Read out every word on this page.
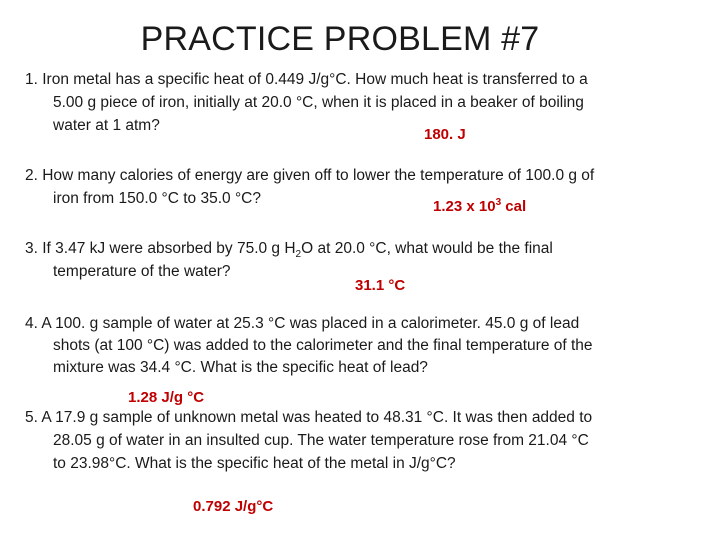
PRACTICE PROBLEM #7
1. Iron metal has a specific heat of 0.449 J/g°C. How much heat is transferred to a
5.00 g piece of iron, initially at 20.0 °C, when it is placed in a beaker of boiling
water at 1 atm?
180. J
2. How many calories of energy are given off to lower the temperature of 100.0 g of
iron from 150.0 °C to 35.0 °C?	1.23 x $10^3$ cal
3. If 3.47 kJ were absorbed by 75.0 g $H_2O$ at 20.0 °C, what would be the final
temperature of the water?
31.1 °C
4. A 100. g sample of water at 25.3 °C was placed in a calorimeter. 45.0 g of lead
shots (at 100 °C) was added to the calorimeter and the final temperature of the
mixture was 34.4 °C. What is the specific heat of lead?
1.28 J/g °C
5. A 17.9 g sample of unknown metal was heated to 48.31 °C. It was then added to
28.05 g of water in an insulted cup. The water temperature rose from 21.04 °C
to 23.98°C. What is the specific heat of the metal in J/g°C?
0.792 J/g°C
